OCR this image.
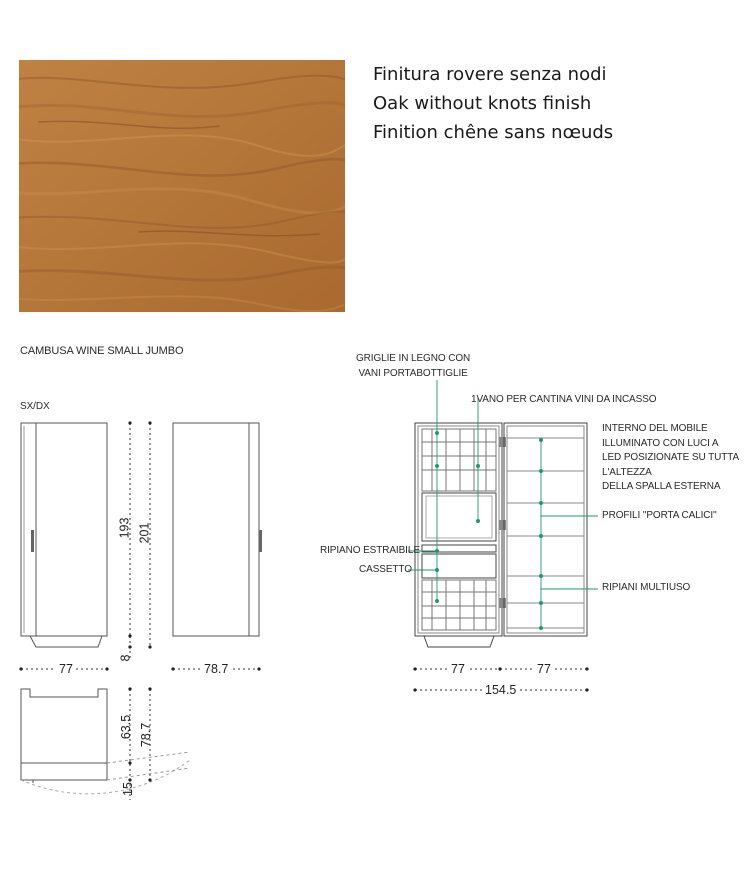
Finitura rovere senza nodi
Oak without knots finish
Finition chêne sans nœuds
CAMBUSA WINE SMALL JUMBO
SX/DX
193 201
8
77	78.7
63.5 78.7
15
77	77
154.5
GRIGLIE IN LEGNO CON
VANI PORTABOTTIGLIE
1VANO PER CANTINA VINI DA INCASSO
INTERNO DEL MOBILE
ILLUMINATO CON LUCI A
LED POSIZIONATE SU TUTTA
L'ALTEZZA
DELLA SPALLA ESTERNA
PROFILI "PORTA CALICI"
RIPIANO ESTRAIBILE
CASSETTO
RIPIANI MULTIUSO
